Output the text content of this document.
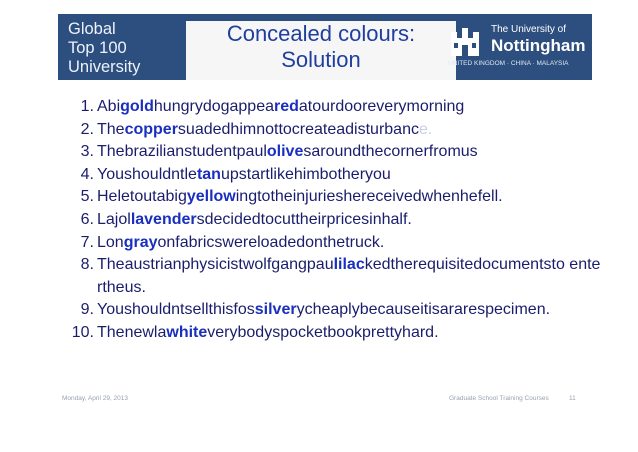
Global
Top 100
University
Concealed colours:
Solution
The University of
Nottingham
UNITED KINGDOM · CHINA · MALAYSIA
1. Abigoldhungrydogappearedatourdooreverymorning
2. Thecoppersuadedhimnottocreateadisturbance.
3. Thebrazilianstudentpaulolivesaroundthecornerfromus
4. Youshouldntletanupstartlikehimbotheryou
5. Heletoutabigyellowingtotheinjurieshereceivedwhenhefell.
6. Lajollavendersdecidedtocuttheirpricesinhalf.
7. Longrayonfabricswereloadedonthetruck.
8. Theaustrianphysicistwolfgangpaulilackedtherequisitedocumentsto entertheus.
9. Youshouldntsellthisfossilverycheaplybecauseitisararespecimen.
10. Thenewlawhiteverybodyspocketbookprettyhard.
Monday, April 29, 2013	Graduate School Training Courses	11
